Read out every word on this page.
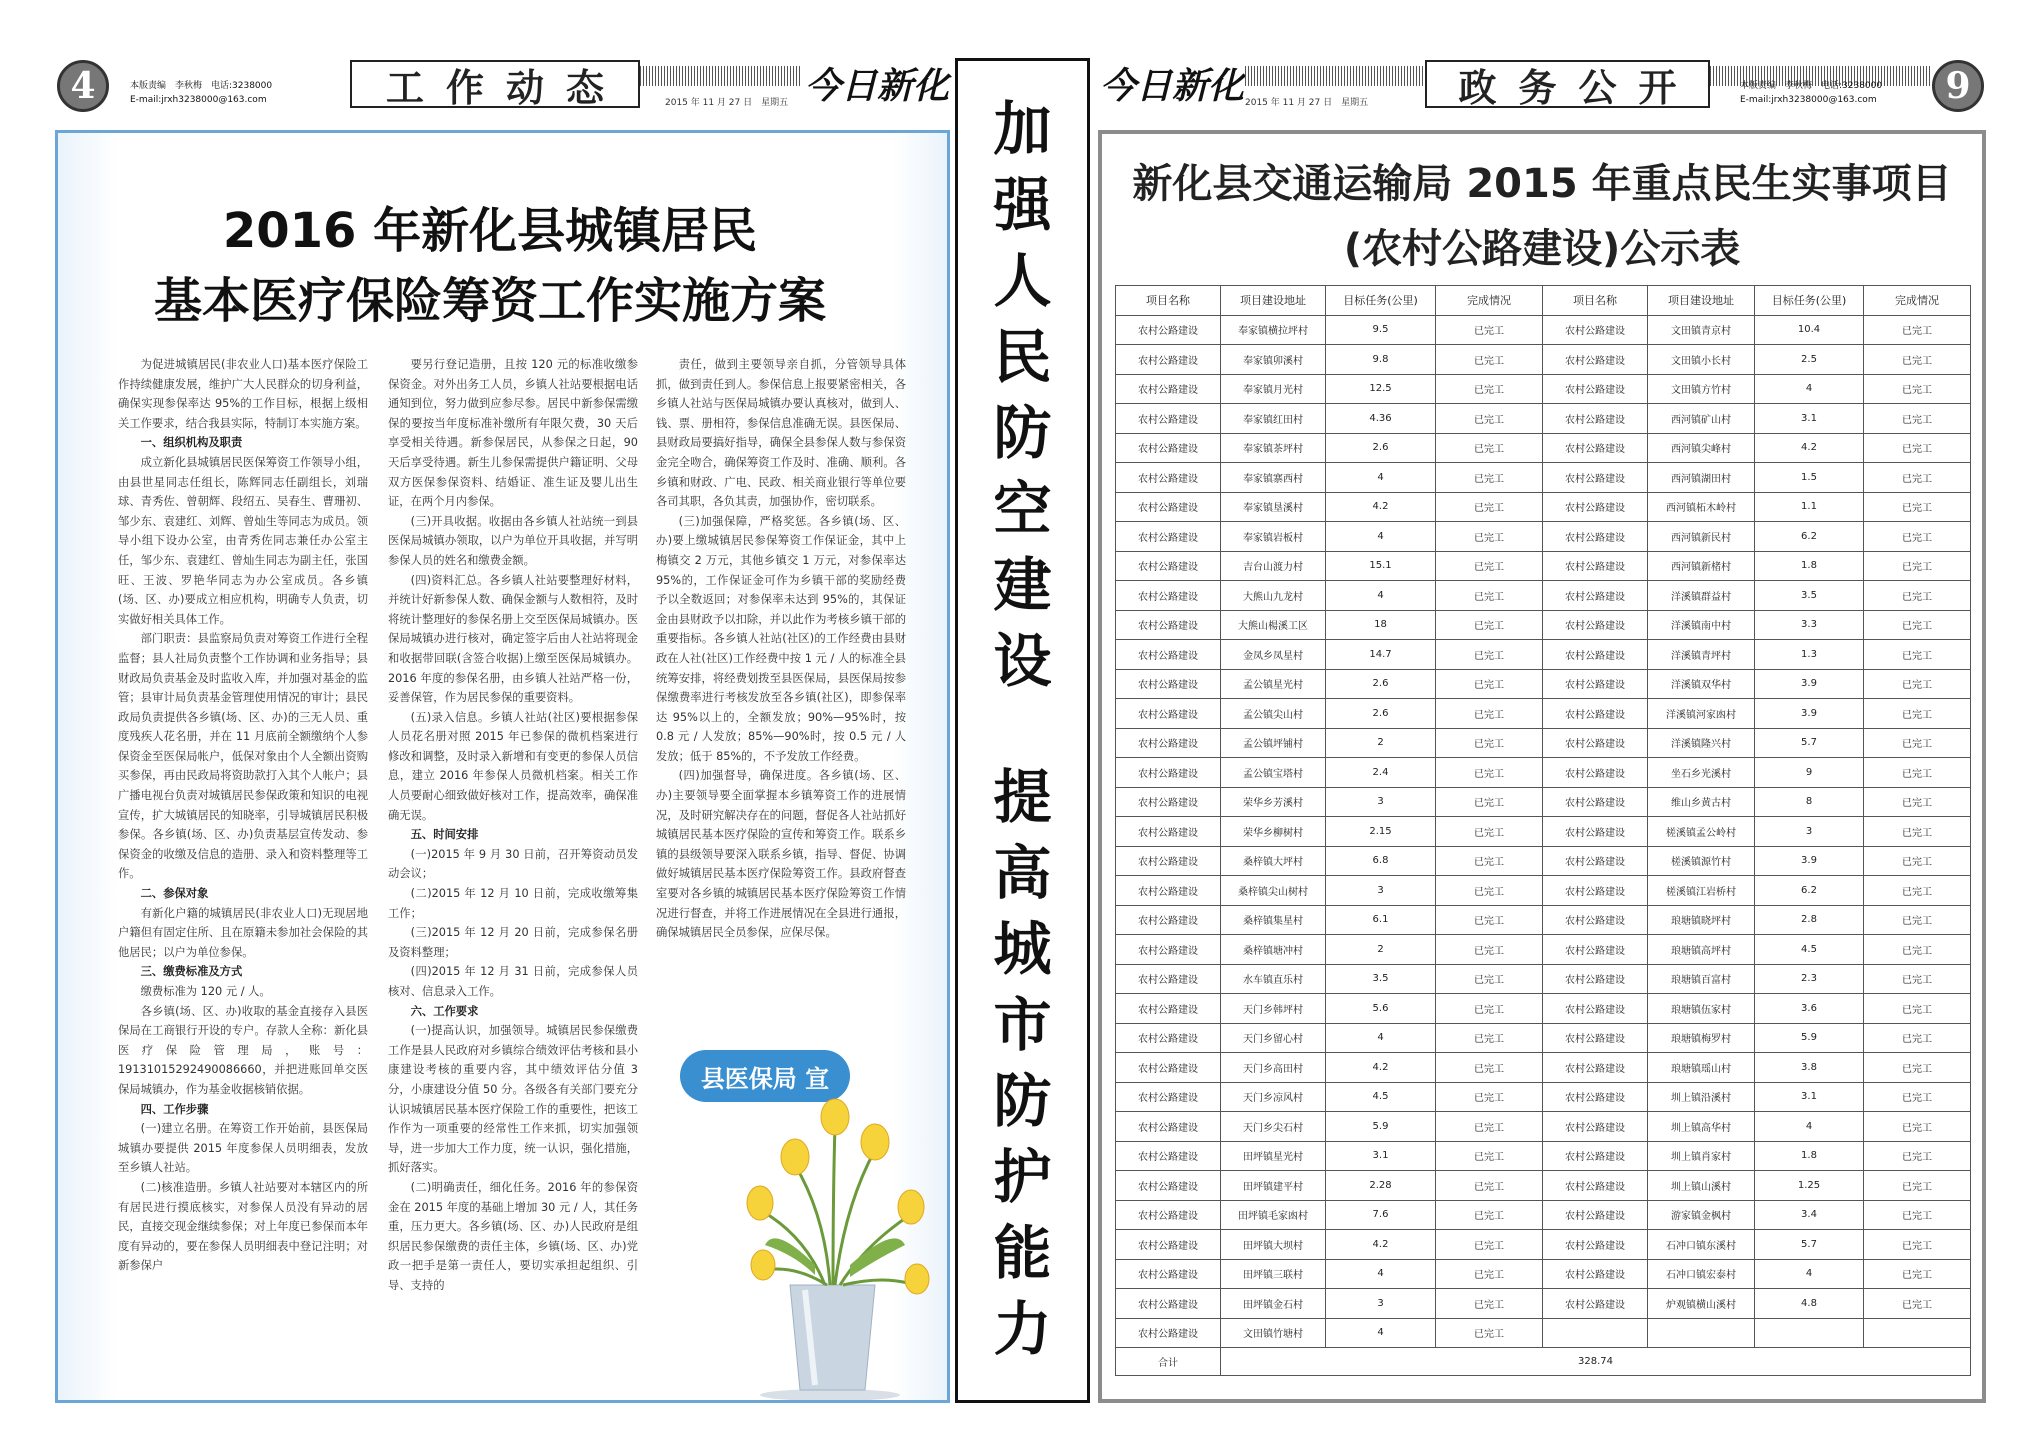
4	本版责编　李秋梅　电话:3238000
E-mail:jrxh3238000@163.com	工作动态	2015 年 11 月 27 日　星期五 今日新化	今日新化 2015 年 11 月 27 日　星期五	政务公开	本版责编　李秋梅　电话:3238000
E-mail:jrxh3238000@163.com	9
2016 年新化县城镇居民
基本医疗保险筹资工作实施方案

为促进城镇居民(非农业人口)基本医疗保险工作持续健康发展，维护广大人民群众的切身利益，确保实现参保率达 95%的工作目标，根据上级相关工作要求，结合我县实际，特制订本实施方案。

一、组织机构及职责

成立新化县城镇居民医保筹资工作领导小组，由县世星同志任组长，陈辉同志任副组长，刘瑞球、青秀佐、曾朝辉、段绍五、吴春生、曹珊初、邹少东、袁建红、刘辉、曾灿生等同志为成员。领导小组下设办公室，由青秀佐同志兼任办公室主任，邹少东、袁建红、曾灿生同志为副主任，张国旺、王波、罗艳华同志为办公室成员。各乡镇(场、区、办)要成立相应机构，明确专人负责，切实做好相关具体工作。

部门职责：县监察局负责对筹资工作进行全程监督；县人社局负责整个工作协调和业务指导；县财政局负责基金及时监收入库，并加强对基金的监管；县审计局负责基金管理使用情况的审计；县民政局负责提供各乡镇(场、区、办)的三无人员、重度残疾人花名册，并在 11 月底前全额缴纳个人参保资金至医保局帐户，低保对象由个人全额出资购买参保，再由民政局将资助款打入其个人帐户；县广播电视台负责对城镇居民参保政策和知识的电视宣传，扩大城镇居民的知晓率，引导城镇居民积极参保。各乡镇(场、区、办)负责基层宣传发动、参保资金的收缴及信息的造册、录入和资料整理等工作。

二、参保对象

有新化户籍的城镇居民(非农业人口)无现居地户籍但有固定住所、且在原籍未参加社会保险的其他居民；以户为单位参保。

三、缴费标准及方式

缴费标准为 120 元 / 人。

各乡镇(场、区、办)收取的基金直接存入县医保局在工商银行开设的专户。存款人全称：新化县医疗保险管理局，账号：19131015292490086660，并把进账回单交医保局城镇办，作为基金收据核销依据。

四、工作步骤

(一)建立名册。在筹资工作开始前，县医保局城镇办要提供 2015 年度参保人员明细表，发放至乡镇人社站。

(二)核准造册。乡镇人社站要对本辖区内的所有居民进行摸底核实，对参保人员没有异动的居民，直接交现金继续参保；对上年度已参保而本年度有异动的，要在参保人员明细表中登记注明；对新参保户

要另行登记造册，且按 120 元的标准收缴参保资金。对外出务工人员，乡镇人社站要根据电话通知到位，努力做到应参尽参。居民中新参保需缴保的要按当年度标准补缴所有年限欠费，30 天后享受相关待遇。新参保居民，从参保之日起，90 天后享受待遇。新生儿参保需提供户籍证明、父母双方医保参保资料、结婚证、准生证及婴儿出生证，在两个月内参保。

(三)开具收据。收据由各乡镇人社站统一到县医保局城镇办领取，以户为单位开具收据，并写明参保人员的姓名和缴费金额。

(四)资料汇总。各乡镇人社站要整理好材料，并统计好新参保人数、确保金额与人数相符，及时将统计整理好的参保名册上交至医保局城镇办。医保局城镇办进行核对，确定签字后由人社站将现金和收据带回联(含签合收据)上缴至医保局城镇办。2016 年度的参保名册，由乡镇人社站严格一份，妥善保管，作为居民参保的重要资料。

(五)录入信息。乡镇人社站(社区)要根据参保人员花名册对照 2015 年已参保的微机档案进行修改和调整，及时录入新增和有变更的参保人员信息，建立 2016 年参保人员微机档案。相关工作人员要耐心细致做好核对工作，提高效率，确保准确无误。

五、时间安排

(一)2015 年 9 月 30 日前，召开筹资动员发动会议；

(二)2015 年 12 月 10 日前，完成收缴筹集工作；

(三)2015 年 12 月 20 日前，完成参保名册及资料整理；

(四)2015 年 12 月 31 日前，完成参保人员核对、信息录入工作。

六、工作要求

(一)提高认识，加强领导。城镇居民参保缴费工作是县人民政府对乡镇综合绩效评估考核和县小康建设考核的重要内容，其中绩效评估分值 3 分，小康建设分值 50 分。各级各有关部门要充分认识城镇居民基本医疗保险工作的重要性，把该工作作为一项重要的经常性工作来抓，切实加强领导，进一步加大工作力度，统一认识，强化措施，抓好落实。

(二)明确责任，细化任务。2016 年的参保资金在 2015 年度的基础上增加 30 元 / 人，其任务重，压力更大。各乡镇(场、区、办)人民政府是组织居民参保缴费的责任主体，乡镇(场、区、办)党政一把手是第一责任人，要切实承担起组织、引导、支持的

责任，做到主要领导亲自抓，分管领导具体抓，做到责任到人。参保信息上报要紧密相关，各乡镇人社站与医保局城镇办要认真核对，做到人、钱、票、册相符，参保信息准确无误。县医保局、县财政局要搞好指导，确保全县参保人数与参保资金完全吻合，确保筹资工作及时、准确、顺利。各乡镇和财政、广电、民政、相关商业银行等单位要各司其职，各负其责，加强协作，密切联系。

(三)加强保障，严格奖惩。各乡镇(场、区、办)要上缴城镇居民参保筹资工作保证金，其中上梅镇交 2 万元，其他乡镇交 1 万元，对参保率达 95%的，工作保证金可作为乡镇干部的奖励经费予以全数返回；对参保率未达到 95%的，其保证金由县财政予以扣除，并以此作为考核乡镇干部的重要指标。各乡镇人社站(社区)的工作经费由县财政在人社(社区)工作经费中按 1 元 / 人的标准全县统筹安排，将经费划拨至县医保局，县医保局按参保缴费率进行考核发放至各乡镇(社区)，即参保率达 95%以上的，全额发放；90%—95%时，按 0.8 元 / 人发放；85%—90%时，按 0.5 元 / 人发放；低于 85%的，不予发放工作经费。

(四)加强督导，确保进度。各乡镇(场、区、办)主要领导要全面掌握本乡镇筹资工作的进展情况，及时研究解决存在的问题，督促各人社站抓好城镇居民基本医疗保险的宣传和筹资工作。联系乡镇的县级领导要深入联系乡镇，指导、督促、协调做好城镇居民基本医疗保险筹资工作。县政府督查室要对各乡镇的城镇居民基本医疗保险筹资工作情况进行督查，并将工作进展情况在全县进行通报，确保城镇居民全员参保，应保尽保。

县医保局 宣
加
强
人
民
防
空
建
设
提
高
城
市
防
护
能
力
新化县交通运输局 2015 年重点民生实事项目
(农村公路建设)公示表
项目名称	项目建设地址	目标任务(公里)	完成情况	项目名称	项目建设地址	目标任务(公里)	完成情况
农村公路建设	奉家镇横拉坪村	9.5	已完工	农村公路建设	文田镇青京村	10.4	已完工
农村公路建设	奉家镇卯溪村	9.8	已完工	农村公路建设	文田镇小长村	2.5	已完工
农村公路建设	奉家镇月光村	12.5	已完工	农村公路建设	文田镇方竹村	4	已完工
农村公路建设	奉家镇红田村	4.36	已完工	农村公路建设	西河镇矿山村	3.1	已完工
农村公路建设	奉家镇茶坪村	2.6	已完工	农村公路建设	西河镇尖峰村	4.2	已完工
农村公路建设	奉家镇寨西村	4	已完工	农村公路建设	西河镇湖田村	1.5	已完工
农村公路建设	奉家镇垦溪村	4.2	已完工	农村公路建设	西河镇柘木岭村	1.1	已完工
农村公路建设	奉家镇岩板村	4	已完工	农村公路建设	西河镇新民村	6.2	已完工
农村公路建设	吉台山渡力村	15.1	已完工	农村公路建设	西河镇新楮村	1.8	已完工
农村公路建设	大熊山九龙村	4	已完工	农村公路建设	洋溪镇群益村	3.5	已完工
农村公路建设	大熊山楊溪工区	18	已完工	农村公路建设	洋溪镇南中村	3.3	已完工
农村公路建设	金凤乡凤星村	14.7	已完工	农村公路建设	洋溪镇青坪村	1.3	已完工
农村公路建设	孟公镇星光村	2.6	已完工	农村公路建设	洋溪镇双华村	3.9	已完工
农村公路建设	孟公镇尖山村	2.6	已完工	农村公路建设	洋溪镇河家凼村	3.9	已完工
农村公路建设	孟公镇坪铺村	2	已完工	农村公路建设	洋溪镇隆兴村	5.7	已完工
农村公路建设	孟公镇宝塔村	2.4	已完工	农村公路建设	坐石乡光溪村	9	已完工
农村公路建设	荣华乡芳溪村	3	已完工	农村公路建设	维山乡黄古村	8	已完工
农村公路建设	荣华乡柳树村	2.15	已完工	农村公路建设	槎溪镇孟公岭村	3	已完工
农村公路建设	桑梓镇大坪村	6.8	已完工	农村公路建设	槎溪镇源竹村	3.9	已完工
农村公路建设	桑梓镇尖山树村	3	已完工	农村公路建设	槎溪镇江岩桥村	6.2	已完工
农村公路建设	桑梓镇集星村	6.1	已完工	农村公路建设	琅塘镇晓坪村	2.8	已完工
农村公路建设	桑梓镇塘冲村	2	已完工	农村公路建设	琅塘镇高坪村	4.5	已完工
农村公路建设	水车镇直乐村	3.5	已完工	农村公路建设	琅塘镇百富村	2.3	已完工
农村公路建设	天门乡韩坪村	5.6	已完工	农村公路建设	琅塘镇伍家村	3.6	已完工
农村公路建设	天门乡留心村	4	已完工	农村公路建设	琅塘镇梅罗村	5.9	已完工
农村公路建设	天门乡高田村	4.2	已完工	农村公路建设	琅塘镇瑶山村	3.8	已完工
农村公路建设	天门乡凉风村	4.5	已完工	农村公路建设	圳上镇沿溪村	3.1	已完工
农村公路建设	天门乡尖石村	5.9	已完工	农村公路建设	圳上镇高华村	4	已完工
农村公路建设	田坪镇星光村	3.1	已完工	农村公路建设	圳上镇肖家村	1.8	已完工
农村公路建设	田坪镇建平村	2.28	已完工	农村公路建设	圳上镇山溪村	1.25	已完工
农村公路建设	田坪镇毛家凼村	7.6	已完工	农村公路建设	游家镇金枫村	3.4	已完工
农村公路建设	田坪镇大坝村	4.2	已完工	农村公路建设	石冲口镇东溪村	5.7	已完工
农村公路建设	田坪镇三联村	4	已完工	农村公路建设	石冲口镇宏泰村	4	已完工
农村公路建设	田坪镇金石村	3	已完工	农村公路建设	炉观镇横山溪村	4.8	已完工
农村公路建设	文田镇竹塘村	4	已完工				
合计	328.74						
